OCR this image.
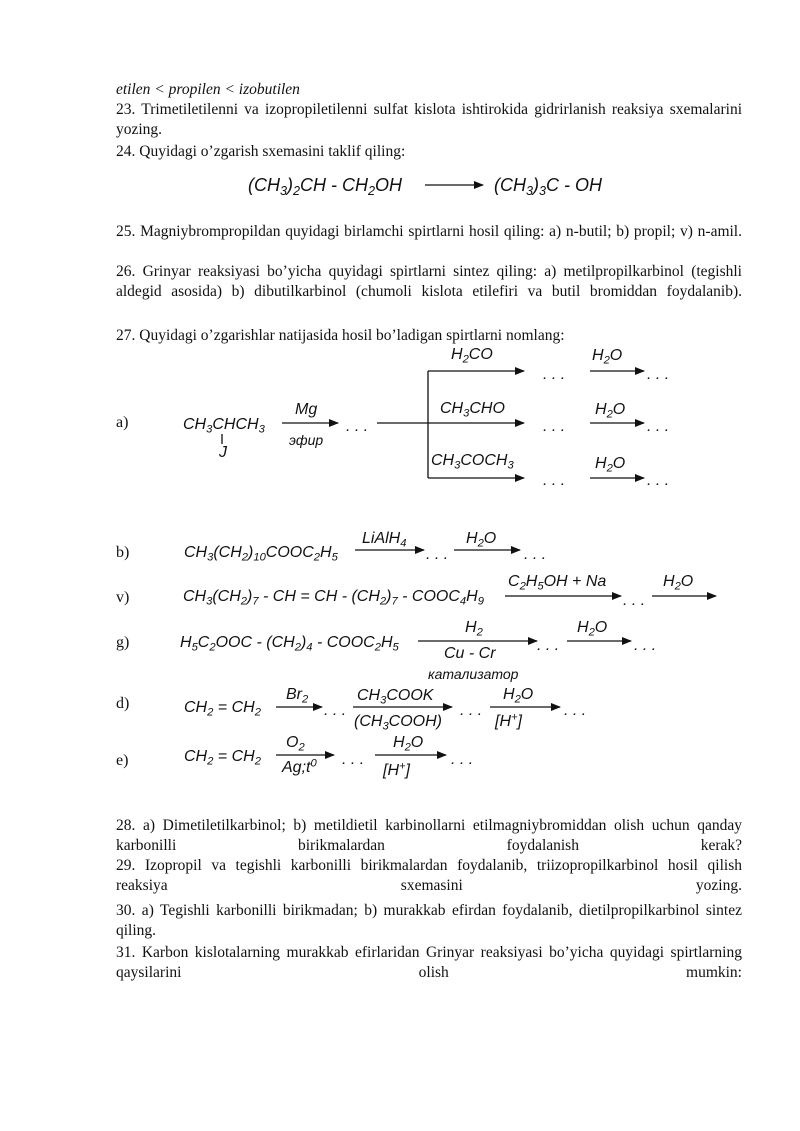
etilen < propilen < izobutilen
23. Trimetiletilenni va izopropiletilenni sulfat kislota ishtirokida gidrirlanish reaksiya sxemalarini yozing.
24. Quyidagi o’zgarish sxemasini taklif qiling:
$(CH_3)_2CH - CH_2OH$	$(CH_3)_3C$ - OH
25. Magniybrompropildan quyidagi birlamchi spirtlarni hosil qiling: a) n-butil; b) propil; v) n-amil.
26. Grinyar reaksiyasi bo’yicha quyidagi spirtlarni sintez qiling: a) metilpropilkarbinol (tegishli aldegid asosida) b) dibutilkarbinol (chumoli kislota etilefiri va butil bromiddan foydalanib).
27. Quyidagi o’zgarishlar natijasida hosil bo’ladigan spirtlarni nomlang:
a)	$CH_3CHCH_3$
J
Mg
эфир
. . .
$H_2CO$
. . .
$H_2O$
. . .
$CH_3CHO$
. . .
$H_2O$
. . .
$CH_3COCH_3$
. . .
$H_2O$
. . .
b)	$CH_3(CH_2)_{10}COOC_2H_5$
LiAlH$_4$
. . .
$H_2O$
. . .
v)	$CH_3(CH_2)_7$ - CH = CH - $(CH_2)_7$ - $COOC_4H_9$
$C_2H_5OH + Na$
. . .
$H_2O$
g)	$H_5C_2OOC - (CH_2)_4$ - $COOC_2H_5$
$H_2$
Cu - Cr
катализатор
. . .
$H_2O$
. . .
d)	$CH_2 = CH_2$
$Br_2$
. . .
$CH_3COOK$
$(CH_3COOH)$
. . .
$H_2O$
[H+]
. . .
e)	$CH_2 = CH_2$
$O_2$
$Ag;t^0$ . . .
$H_2O$
[H+]
. . .
28. a) Dimetiletilkarbinol; b) metildietil karbinollarni etilmagniybromiddan olish uchun qanday karbonilli birikmalardan foydalanish kerak?
29. Izopropil va tegishli karbonilli birikmalardan foydalanib, triizopropilkarbinol hosil qilish reaksiya sxemasini yozing.
30. a) Tegishli karbonilli birikmadan; b) murakkab efirdan foydalanib, dietilpropilkarbinol sintez qiling.
31. Karbon kislotalarning murakkab efirlaridan Grinyar reaksiyasi bo’yicha quyidagi spirtlarning qaysilarini olish mumkin:
